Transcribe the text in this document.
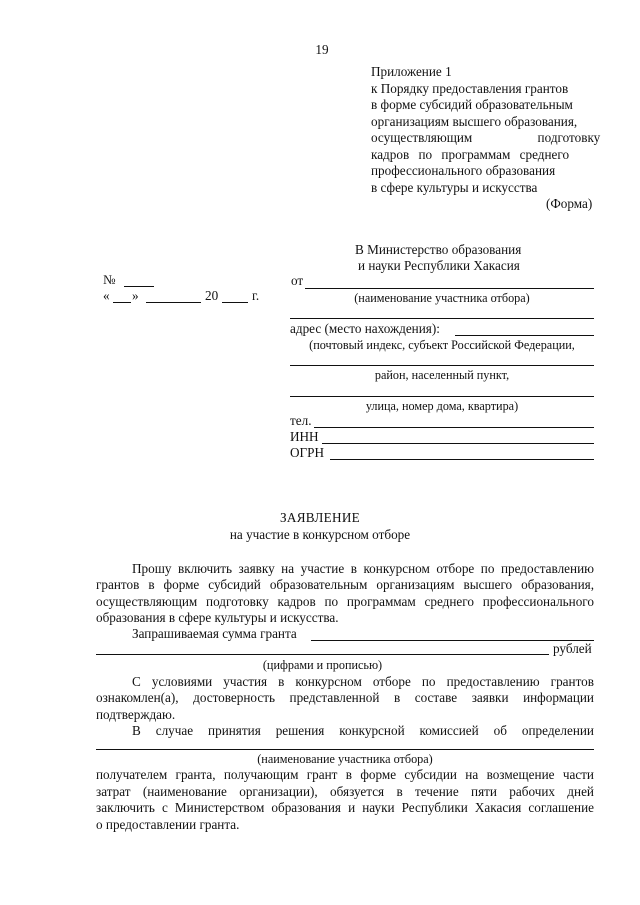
19
Приложение 1
к Порядку предоставления грантов
в форме субсидий образовательным
организациям высшего образования,
осуществляющим подготовку
кадров по программам среднего
профессионального образования
в сфере культуры и искусства
(Форма)
В Министерство образования
и науки Республики Хакасия
№
« »	20	г.
от
(наименование участника отбора)
адрес (место нахождения):
(почтовый индекс, субъект Российской Федерации,
район, населенный пункт,
улица, номер дома, квартира)
тел.
ИНН
ОГРН
ЗАЯВЛЕНИЕ
на участие в конкурсном отборе
Прошу включить заявку на участие в конкурсном отборе по предоставлению
грантов в форме субсидий образовательным организациям высшего образования,
осуществляющим подготовку кадров по программам среднего профессионального
образования в сфере культуры и искусства.
Запрашиваемая сумма гранта
рублей
(цифрами и прописью)
С условиями участия в конкурсном отборе по предоставлению грантов
ознакомлен(а), достоверность представленной в составе заявки информации
подтверждаю.
В случае принятия решения конкурсной комиссией об определении
(наименование участника отбора)
получателем гранта, получающим грант в форме субсидии на возмещение части
затрат (наименование организации), обязуется в течение пяти рабочих дней
заключить с Министерством образования и науки Республики Хакасия соглашение
о предоставлении гранта.
